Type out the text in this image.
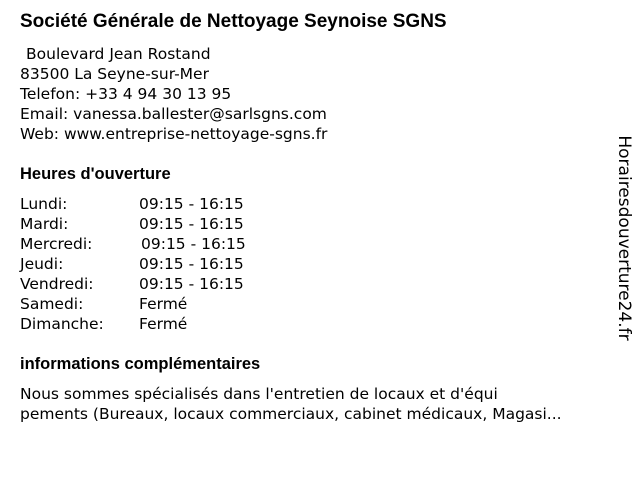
Société Générale de Nettoyage Seynoise SGNS
Boulevard Jean Rostand
83500 La Seyne-sur-Mer
Telefon: +33 4 94 30 13 95
Email: vanessa.ballester@sarlsgns.com
Web: www.entreprise-nettoyage-sgns.fr
Heures d'ouverture
Lundi:	09:15 - 16:15
Mardi:	09:15 - 16:15
Mercredi:	09:15 - 16:15
Jeudi:	09:15 - 16:15
Vendredi:	09:15 - 16:15
Samedi:	Fermé
Dimanche: Fermé
informations complémentaires
Nous sommes spécialisés dans l'entretien de locaux et d'équi
pements (Bureaux, locaux commerciaux, cabinet médicaux, Magasi...
Horairesdouverture24.fr
